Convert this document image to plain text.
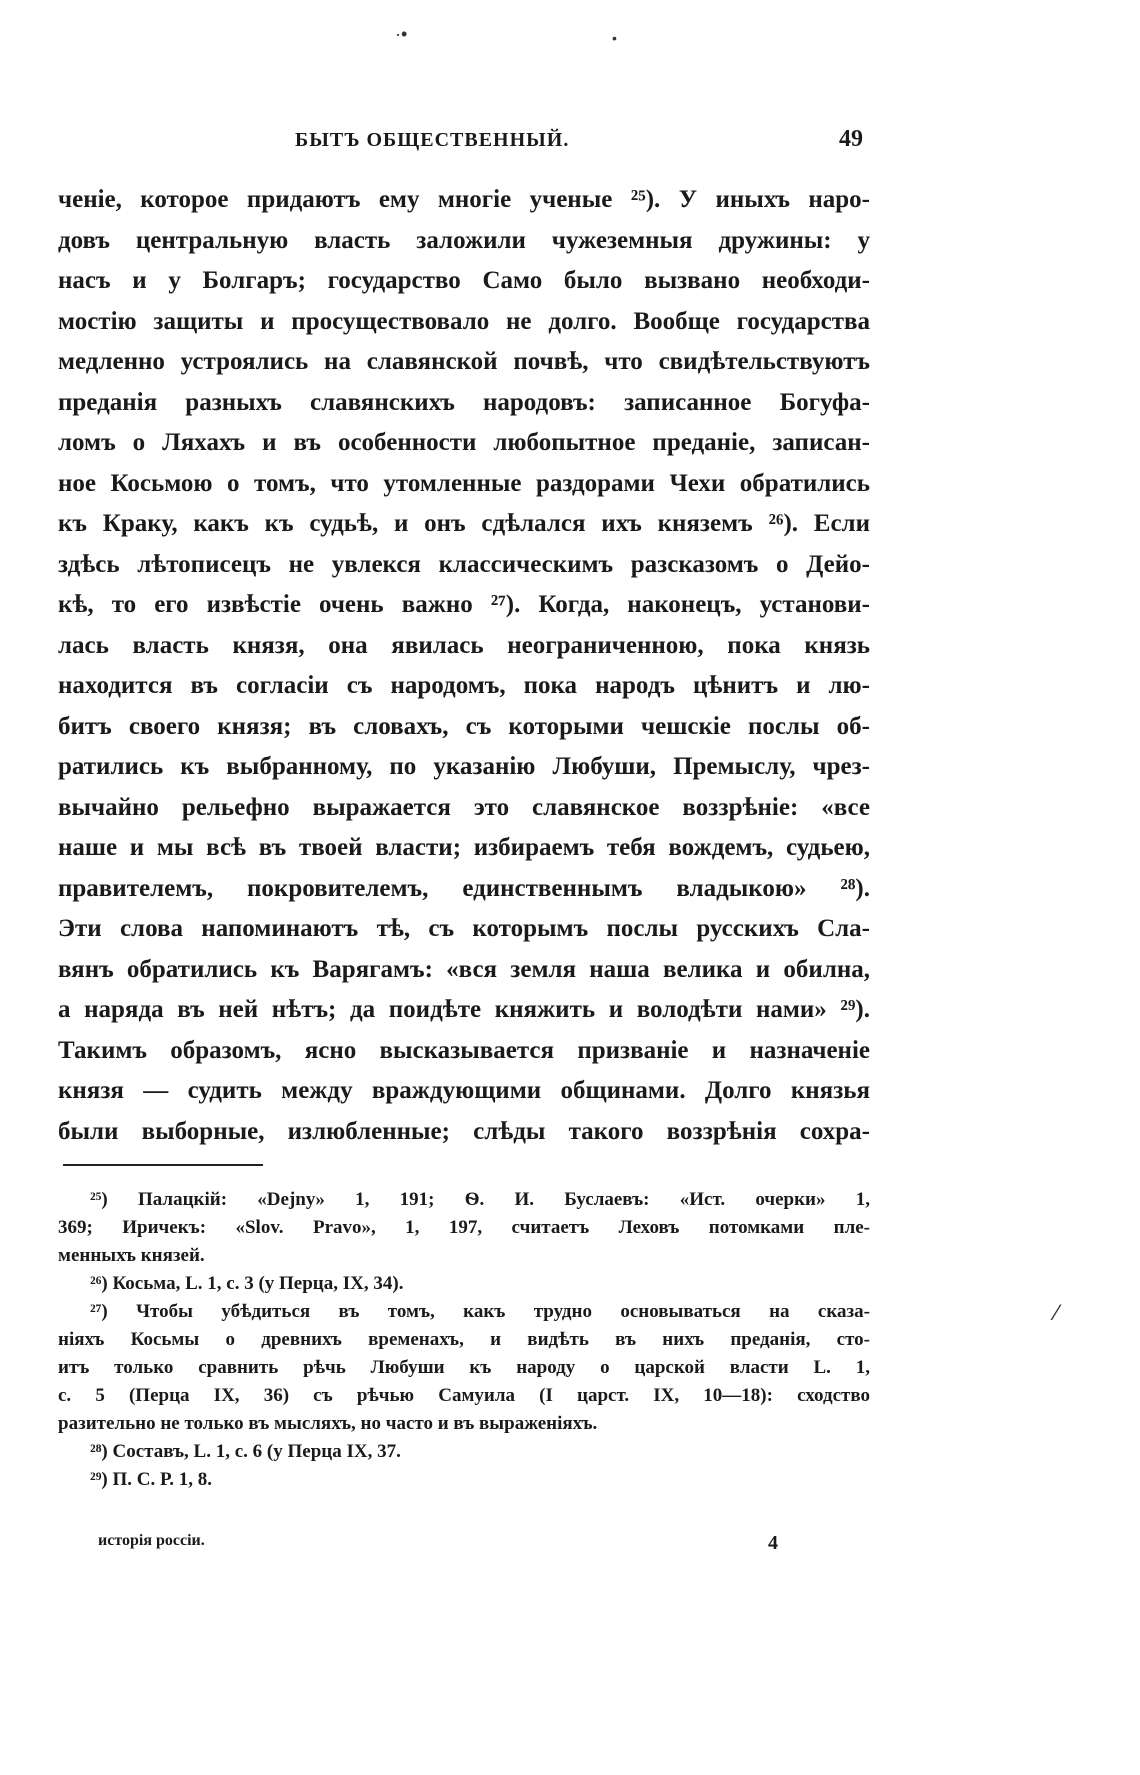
·•	•
⁄
БЫТЪ ОБЩЕСТВЕННЫЙ.	49
ченіе, которое придаютъ ему многіе ученые ²⁵). У иныхъ наро-
довъ центральную власть заложили чужеземныя дружины: у
насъ и у Болгаръ; государство Само было вызвано необходи-
мостію защиты и просуществовало не долго. Вообще государства
медленно устроялись на славянской почвѣ, что свидѣтельствуютъ
преданія разныхъ славянскихъ народовъ: записанное Богуфа-
ломъ о Ляхахъ и въ особенности любопытное преданіе, записан-
ное Косьмою о томъ, что утомленные раздорами Чехи обратились
къ Краку, какъ къ судьѣ, и онъ сдѣлался ихъ княземъ ²⁶). Если
здѣсь лѣтописецъ не увлекся классическимъ разсказомъ о Дейо-
кѣ, то его извѣстіе очень важно ²⁷). Когда, наконецъ, установи-
лась власть князя, она явилась неограниченною, пока князь
находится въ согласіи съ народомъ, пока народъ цѣнитъ и лю-
битъ своего князя; въ словахъ, съ которыми чешскіе послы об-
ратились къ выбранному, по указанію Любуши, Премыслу, чрез-
вычайно рельефно выражается это славянское воззрѣніе: «все
наше и мы всѣ въ твоей власти; избираемъ тебя вождемъ, судьею,
правителемъ, покровителемъ, единственнымъ владыкою» ²⁸).
Эти слова напоминаютъ тѣ, съ которымъ послы русскихъ Сла-
вянъ обратились къ Варягамъ: «вся земля наша велика и обилна,
а наряда въ ней нѣтъ; да поидѣте княжить и володѣти нами» ²⁹).
Такимъ образомъ, ясно высказывается призваніе и назначеніе
князя — судить между враждующими общинами. Долго князья
были выборные, излюбленные; слѣды такого воззрѣнія сохра-
²⁵) Палацкій: «Dejny» 1, 191; Ѳ. И. Буслаевъ: «Ист. очерки» 1,
369; Иричекъ: «Slov. Pravo», 1, 197, считаетъ Леховъ потомками пле-
менныхъ князей.
²⁶) Косьма, L. 1, c. 3 (у Перца, IX, 34).
²⁷) Чтобы убѣдиться въ томъ, какъ трудно основываться на сказа-
ніяхъ Косьмы о древнихъ временахъ, и видѣть въ нихъ преданія, сто-
итъ только сравнить рѣчь Любуши къ народу о царской власти L. 1,
c. 5 (Перца IX, 36) съ рѣчью Самуила (I царст. IX, 10—18): сходство
разительно не только въ мысляхъ, но часто и въ выраженіяхъ.
²⁸) Составъ, L. 1, c. 6 (у Перца IX, 37.
²⁹) П. С. Р. 1, 8.
исторія россіи.	4
